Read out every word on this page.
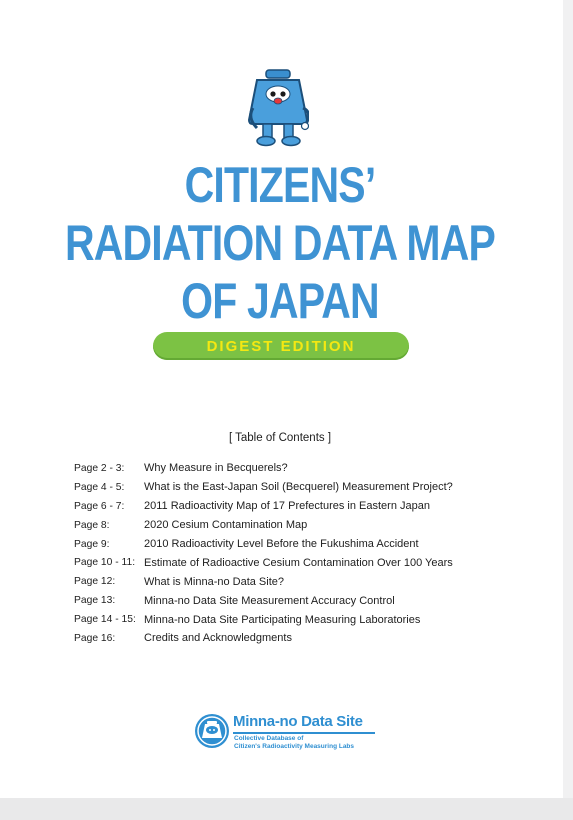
CITIZENS’
RADIATION DATA MAP
OF JAPAN
DIGEST EDITION
[ Table of Contents ]
Page 2 - 3:	Why Measure in Becquerels?
Page 4 - 5:	What is the East-Japan Soil (Becquerel) Measurement Project?
Page 6 - 7:	2011 Radioactivity Map of 17 Prefectures in Eastern Japan
Page 8:	2020 Cesium Contamination Map
Page 9:	2010 Radioactivity Level Before the Fukushima Accident
Page 10 - 11: Estimate of Radioactive Cesium Contamination Over 100 Years
Page 12:	What is Minna-no Data Site?
Page 13:	Minna-no Data Site Measurement Accuracy Control
Page 14 - 15: Minna-no Data Site Participating Measuring Laboratories
Page 16:	Credits and Acknowledgments
Minna-no Data Site
Collective Database of
Citizen's Radioactivity Measuring Labs
